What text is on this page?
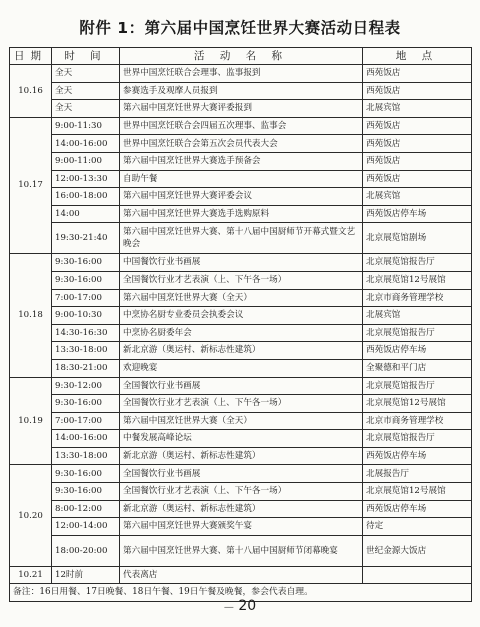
附件 1：第六届中国烹饪世界大赛活动日程表
日期	时 间	活 动 名 称	地 点
10.16	全天	世界中国烹饪联合会理事、监事报到	西苑饭店
	全天	参赛选手及观摩人员报到	西苑饭店
	全天	第六届中国烹饪世界大赛评委报到	北展宾馆
10.17	9:00-11:30	世界中国烹饪联合会四届五次理事、监事会	西苑饭店
	14:00-16:00	世界中国烹饪联合会第五次会员代表大会	西苑饭店
	9:00-11:00	第六届中国烹饪世界大赛选手预备会	西苑饭店
	12:00-13:30	自助午餐	西苑饭店
	16:00-18:00	第六届中国烹饪世界大赛评委会议	北展宾馆
	14:00	第六届中国烹饪世界大赛选手选购原料	西苑饭店停车场
	19:30-21:40	第六届中国烹饪世界大赛、第十八届中国厨师节开幕式暨文艺晚会	北京展览馆剧场
10.18	9:30-16:00	中国餐饮行业书画展	北京展览馆报告厅
	9:30-16:00	全国餐饮行业才艺表演（上、下午各一场）	北京展览馆12号展馆
	7:00-17:00	第六届中国烹饪世界大赛（全天）	北京市商务管理学校
	9:00-10:30	中烹协名厨专业委员会执委会议	北展宾馆
	14:30-16:30	中烹协名厨委年会	北京展览馆报告厅
	13:30-18:00	新北京游（奥运村、新标志性建筑）	西苑饭店停车场
	18:30-21:00	欢迎晚宴	全聚德和平门店
10.19	9:30-12:00	全国餐饮行业书画展	北京展览馆报告厅
	9:30-16:00	全国餐饮行业才艺表演（上、下午各一场）	北京展览馆12号展馆
	7:00-17:00	第六届中国烹饪世界大赛（全天）	北京市商务管理学校
	14:00-16:00	中餐发展高峰论坛	北京展览馆报告厅
	13:30-18:00	新北京游（奥运村、新标志性建筑）	西苑饭店停车场
10.20	9:30-16:00	全国餐饮行业书画展	北展报告厅
	9:30-16:00	全国餐饮行业才艺表演（上、下午各一场）	北京展览馆12号展馆
	8:00-12:00	新北京游（奥运村、新标志性建筑）	西苑饭店停车场
	12:00-14:00	第六届中国烹饪世界大赛颁奖午宴	待定
	18:00-20:00	第六届中国烹饪世界大赛、第十八届中国厨师节闭幕晚宴	世纪金源大饭店
10.21	12时前	代表离店	
备注：16日用餐、17日晚餐、18日午餐、19日午餐及晚餐，参会代表自理。			
— 20
